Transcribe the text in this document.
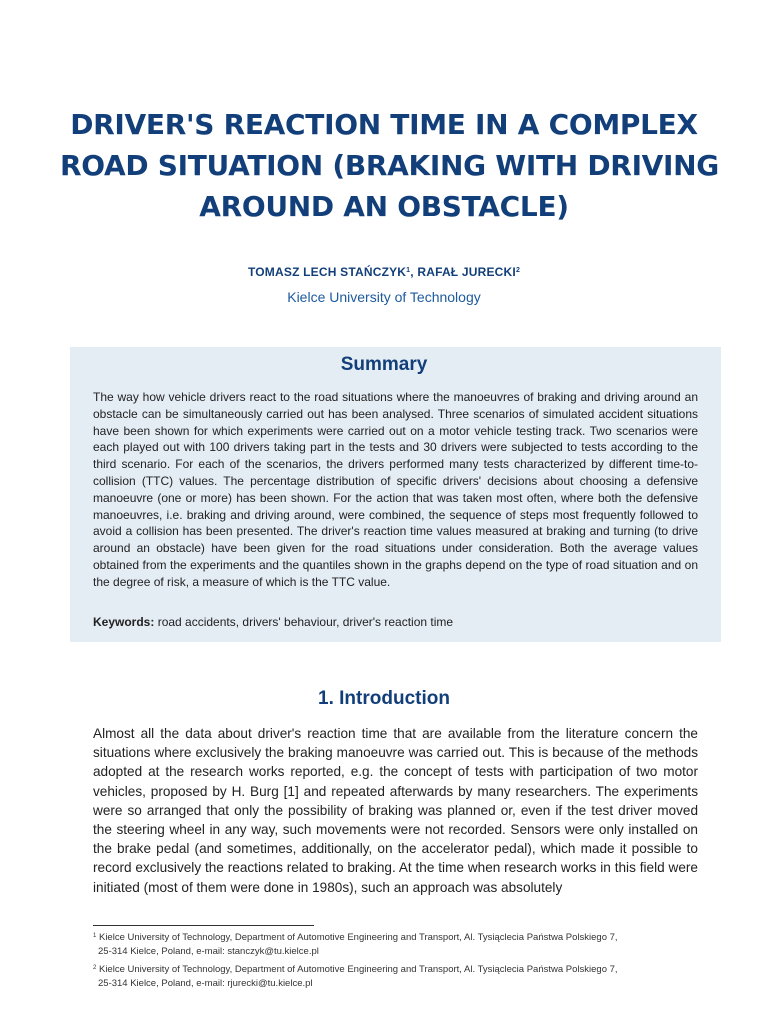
DRIVER'S REACTION TIME IN A COMPLEX
ROAD SITUATION (BRAKING WITH DRIVING
AROUND AN OBSTACLE)
TOMASZ LECH STAŃCZYK$^1$, RAFAŁ JURECKI$^2$
Kielce University of Technology

The way how vehicle drivers react to the road situations where the manoeuvres of braking and driving around an obstacle can be simultaneously carried out has been analysed. Three scenarios of simulated accident situations have been shown for which experiments were carried out on a motor vehicle testing track. Two scenarios were each played out with 100 drivers taking part in the tests and 30 drivers were subjected to tests according to the third scenario. For each of the scenarios, the drivers performed many tests characterized by different time-to-collision (TTC) values. The percentage distribution of specific drivers' decisions about choosing a defensive manoeuvre (one or more) has been shown. For the action that was taken most often, where both the defensive manoeuvres, i.e. braking and driving around, were combined, the sequence of steps most frequently followed to avoid a collision has been presented. The driver's reaction time values measured at braking and turning (to drive around an obstacle) have been given for the road situations under consideration. Both the average values obtained from the experiments and the quantiles shown in the graphs depend on the type of road situation and on the degree of risk, a measure of which is the TTC value.

Keywords: road accidents, drivers' behaviour, driver's reaction time

Summary
1. Introduction

Almost all the data about driver's reaction time that are available from the literature concern the situations where exclusively the braking manoeuvre was carried out. This is because of the methods adopted at the research works reported, e.g. the concept of tests with participation of two motor vehicles, proposed by H. Burg [1] and repeated afterwards by many researchers. The experiments were so arranged that only the possibility of braking was planned or, even if the test driver moved the steering wheel in any way, such movements were not recorded. Sensors were only installed on the brake pedal (and sometimes, additionally, on the accelerator pedal), which made it possible to record exclusively the reactions related to braking. At the time when research works in this field were initiated (most of them were done in 1980s), such an approach was absolutely

$^1$ Kielce University of Technology, Department of Automotive Engineering and Transport, Al. Tysiąclecia Państwa Polskiego 7,
25-314 Kielce, Poland, e-mail: stanczyk@tu.kielce.pl

$^2$ Kielce University of Technology, Department of Automotive Engineering and Transport, Al. Tysiąclecia Państwa Polskiego 7,
25-314 Kielce, Poland, e-mail: rjurecki@tu.kielce.pl
